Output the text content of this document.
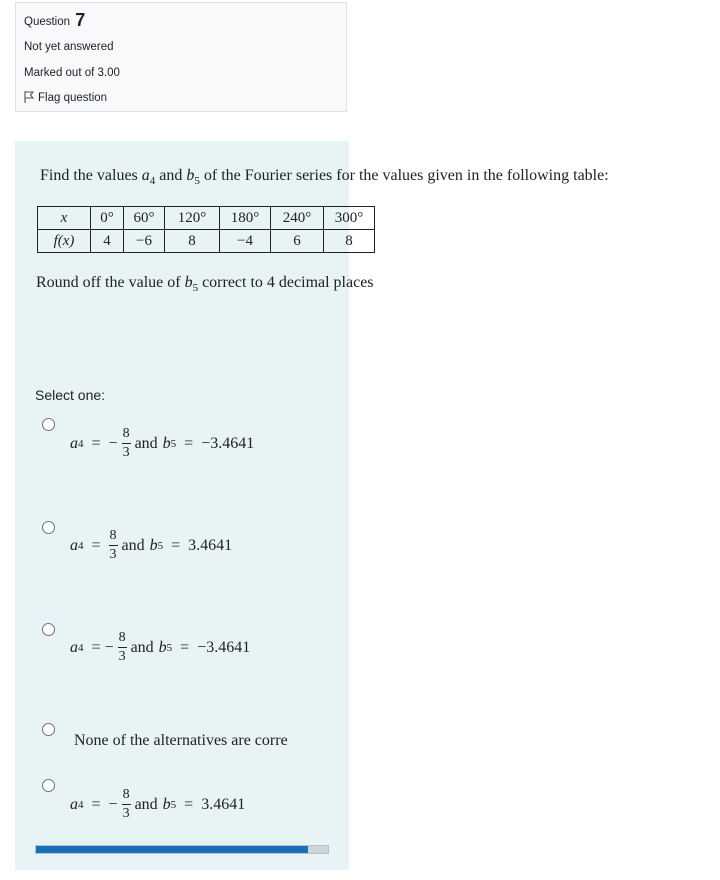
Question 7
Not yet answered
Marked out of 3.00
Flag question
Find the values $a_4$ and $b_5$ of the Fourier series for the values given in the following table:
x	0°	60°	120°	180°	240°	300°
f(x)	4	−6	8	−4	6	8
Round off the value of $b_5$ correct to 4 decimal places
Select one:
a 4 = − $\frac{8}{3}$ and b 5 = −3.4641
a $4 = \frac{8}{3}$ and b 5 = 3.4641
a 4 = − $\frac{8}{3}$ and b 5 = −3.4641
None of the alternatives are corre
a 4 = − $\frac{8}{3}$ and b 5 = 3.4641
